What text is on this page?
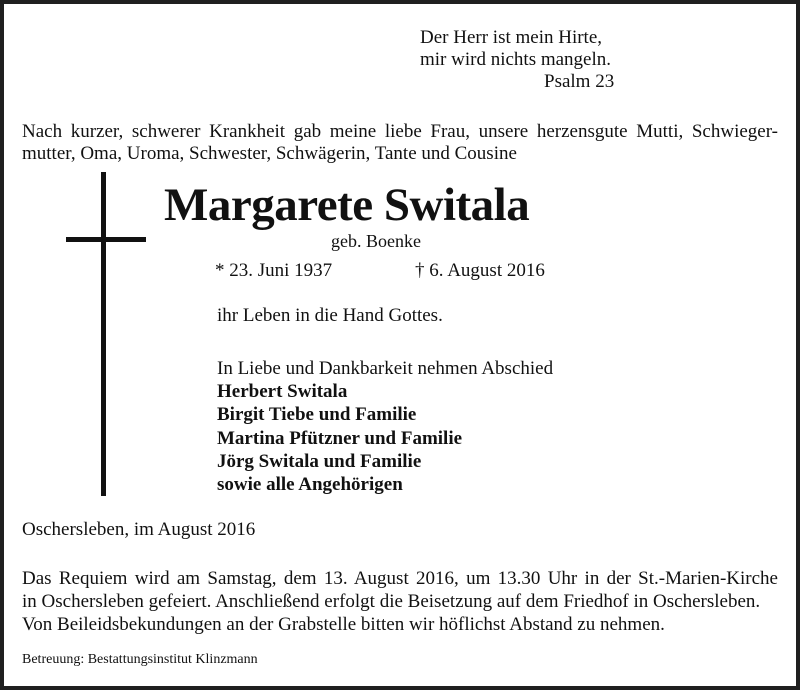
Der Herr ist mein Hirte,
mir wird nichts mangeln.
Psalm 23
Nach kurzer, schwerer Krankheit gab meine liebe Frau, unsere herzensgute Mutti, Schwieger-
mutter, Oma, Uroma, Schwester, Schwägerin, Tante und Cousine
Margarete Switala
geb. Boenke
* 23. Juni 1937	† 6. August 2016
ihr Leben in die Hand Gottes.
In Liebe und Dankbarkeit nehmen Abschied
Herbert Switala
Birgit Tiebe und Familie
Martina Pfützner und Familie
Jörg Switala und Familie
sowie alle Angehörigen
Oschersleben, im August 2016
Das Requiem wird am Samstag, dem 13. August 2016, um 13.30 Uhr in der St.-Marien-Kirche
in Oschersleben gefeiert. Anschließend erfolgt die Beisetzung auf dem Friedhof in Oschersleben.
Von Beileidsbekundungen an der Grabstelle bitten wir höflichst Abstand zu nehmen.
Betreuung: Bestattungsinstitut Klinzmann
